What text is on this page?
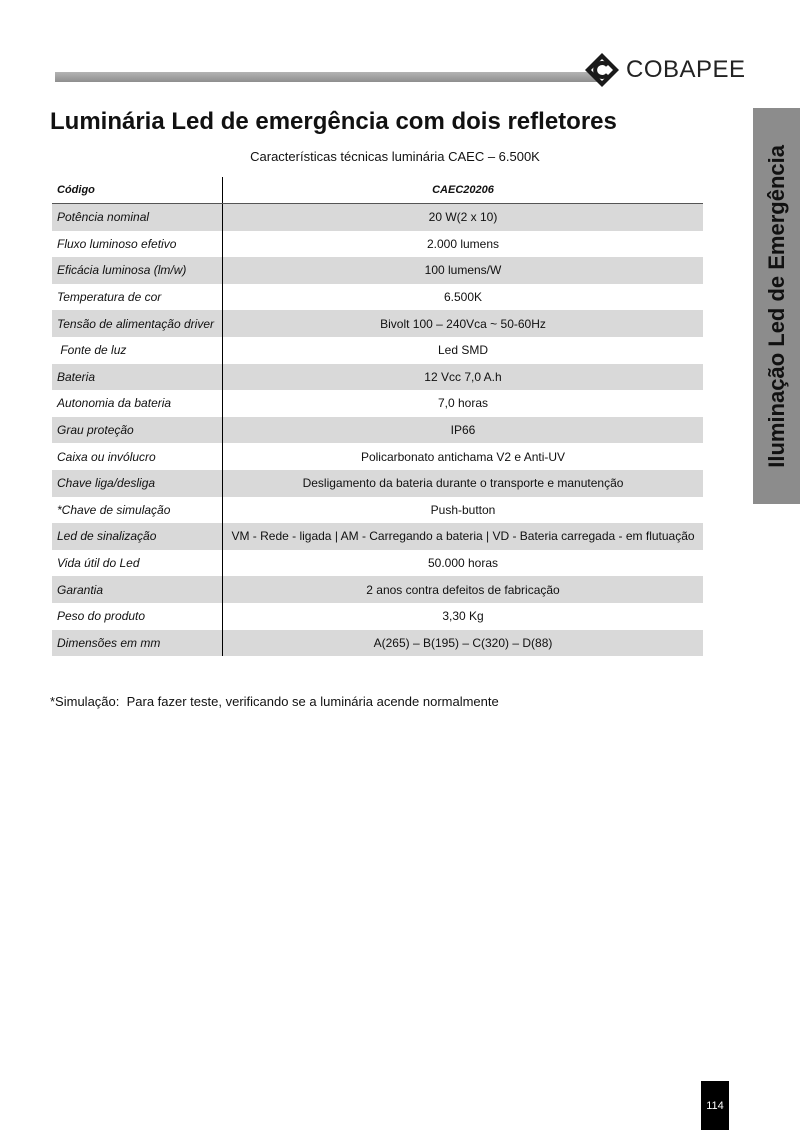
COBAPEE
Luminária Led de emergência com dois refletores
Características técnicas luminária CAEC – 6.500K
Código	CAEC20206
Potência nominal	20 W(2 x 10)
Fluxo luminoso efetivo	2.000 lumens
Eficácia luminosa (lm/w)	100 lumens/W
Temperatura de cor	6.500K
Tensão de alimentação driver	Bivolt 100 – 240Vca ~ 50-60Hz
Fonte de luz	Led SMD
Bateria	12 Vcc 7,0 A.h
Autonomia da bateria	7,0 horas
Grau proteção	IP66
Caixa ou invólucro	Policarbonato antichama V2 e Anti-UV
Chave liga/desliga	Desligamento da bateria durante o transporte e manutenção
*Chave de simulação	Push-button
Led de sinalização	VM - Rede - ligada | AM - Carregando a bateria | VD - Bateria carregada - em flutuação
Vida útil do Led	50.000 horas
Garantia	2 anos contra defeitos de fabricação
Peso do produto	3,30 Kg
Dimensões em mm	A(265) – B(195) – C(320) – D(88)
*Simulação:  Para fazer teste, verificando se a luminária acende normalmente
Iluminação Led de Emergência
114
